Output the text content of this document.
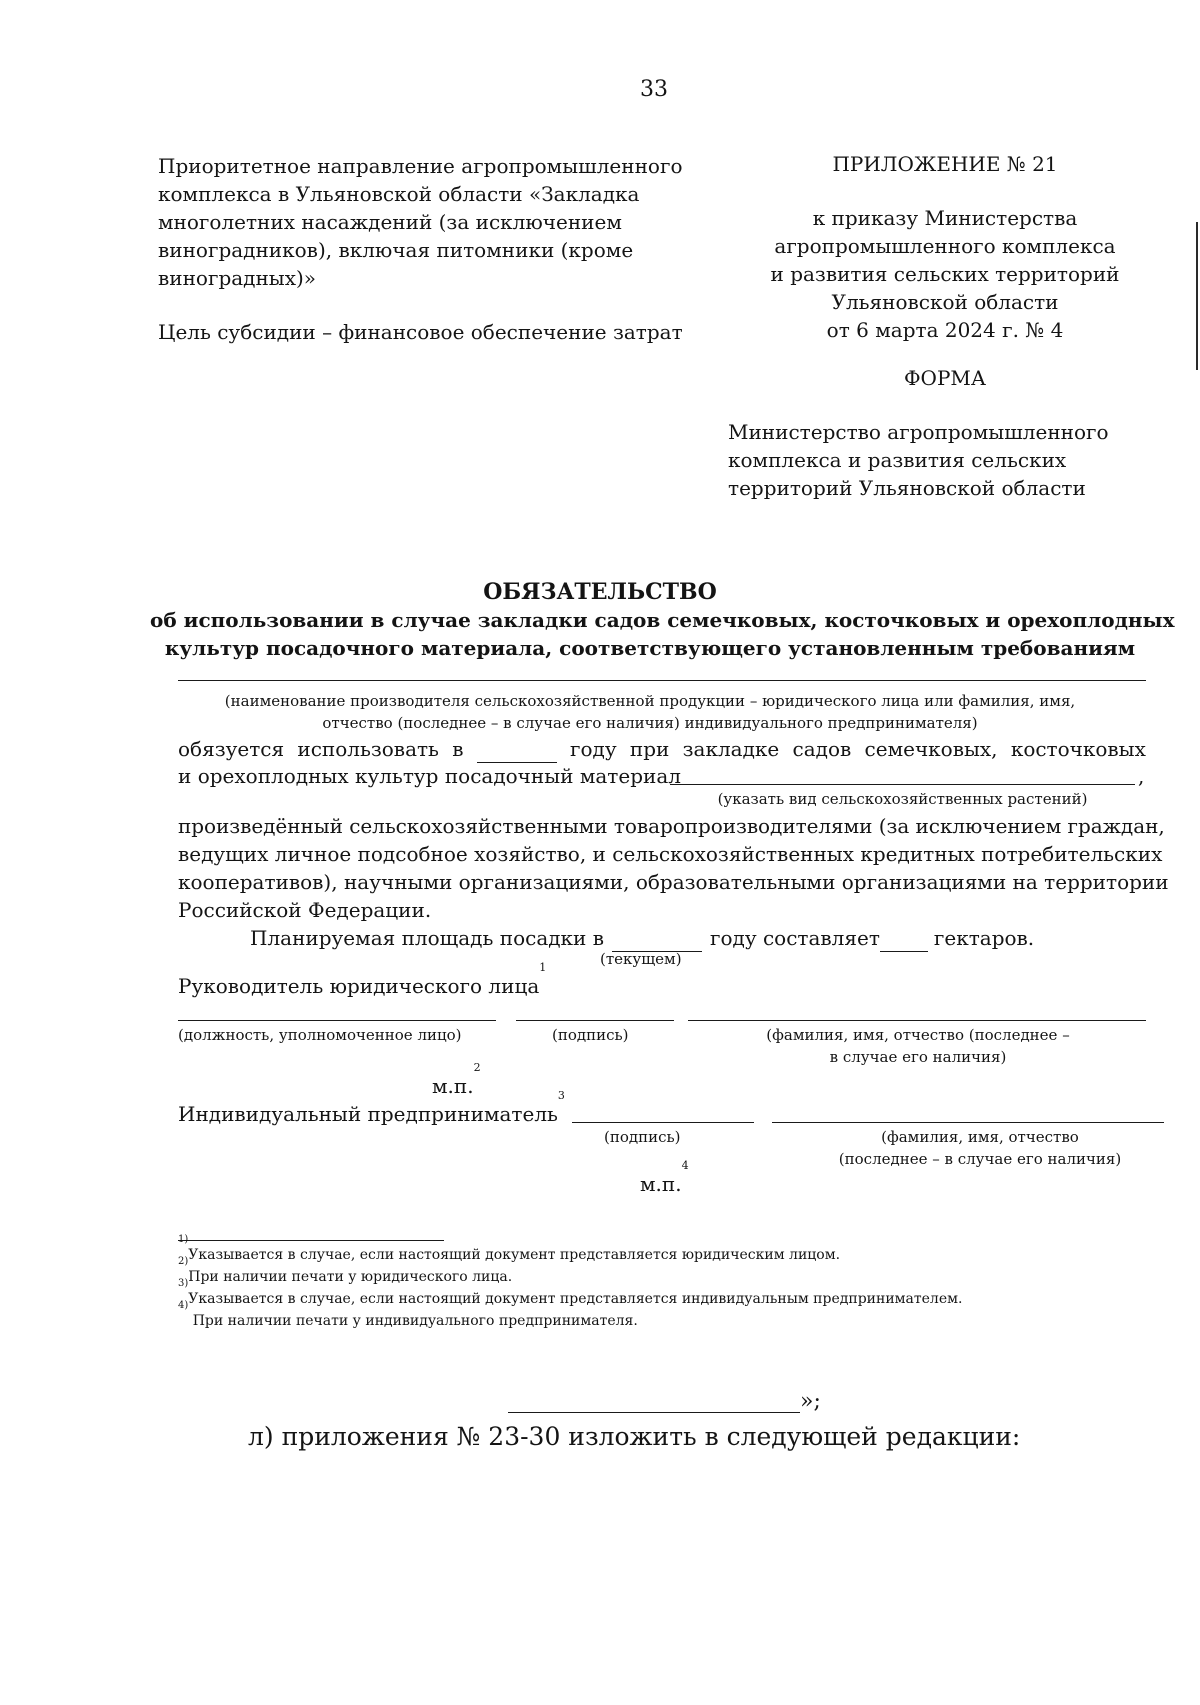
33
Приоритетное направление агропромышленного
комплекса в Ульяновской области «Закладка
многолетних насаждений (за исключением
виноградников), включая питомники (кроме
виноградных)»
Цель субсидии – финансовое обеспечение затрат
ПРИЛОЖЕНИЕ № 21
к приказу Министерства
агропромышленного комплекса
и развития сельских территорий
Ульяновской области
от 6 марта 2024 г. № 4
ФОРМА
Министерство агропромышленного
комплекса и развития сельских
территорий Ульяновской области
ОБЯЗАТЕЛЬСТВО
об использовании в случае закладки садов семечковых, косточковых и орехоплодных
культур посадочного материала, соответствующего установленным требованиям
(наименование производителя сельскохозяйственной продукции – юридического лица или фамилия, имя,
отчество (последнее – в случае его наличия) индивидуального предпринимателя)
обязуется использовать в	году при закладке садов семечковых, косточковых
и орехоплодных культур посадочный материал	,
(указать вид сельскохозяйственных растений)
произведённый сельскохозяйственными товаропроизводителями (за исключением граждан,
ведущих личное подсобное хозяйство, и сельскохозяйственных кредитных потребительских
кооперативов), научными организациями, образовательными организациями на территории
Российской Федерации.
Планируемая площадь посадки в	году составляет	гектаров.
(текущем)
Руководитель юридического лица$^1$
(должность, уполномоченное лицо)	(подпись)	(фамилия, имя, отчество (последнее –
в случае его наличия)
м.п.$^2$
Индивидуальный предприниматель$^3$
(подпись)	(фамилия, имя, отчество
(последнее – в случае его наличия)
м.п.$^4$
$^{1)}$Указывается в случае, если настоящий документ представляется юридическим лицом.
$^{2)}$При наличии печати у юридического лица.
$^{3)}$Указывается в случае, если настоящий документ представляется индивидуальным предпринимателем.
$^{4)}$ При наличии печати у индивидуального предпринимателя.
»;
л) приложения № 23-30 изложить в следующей редакции:
